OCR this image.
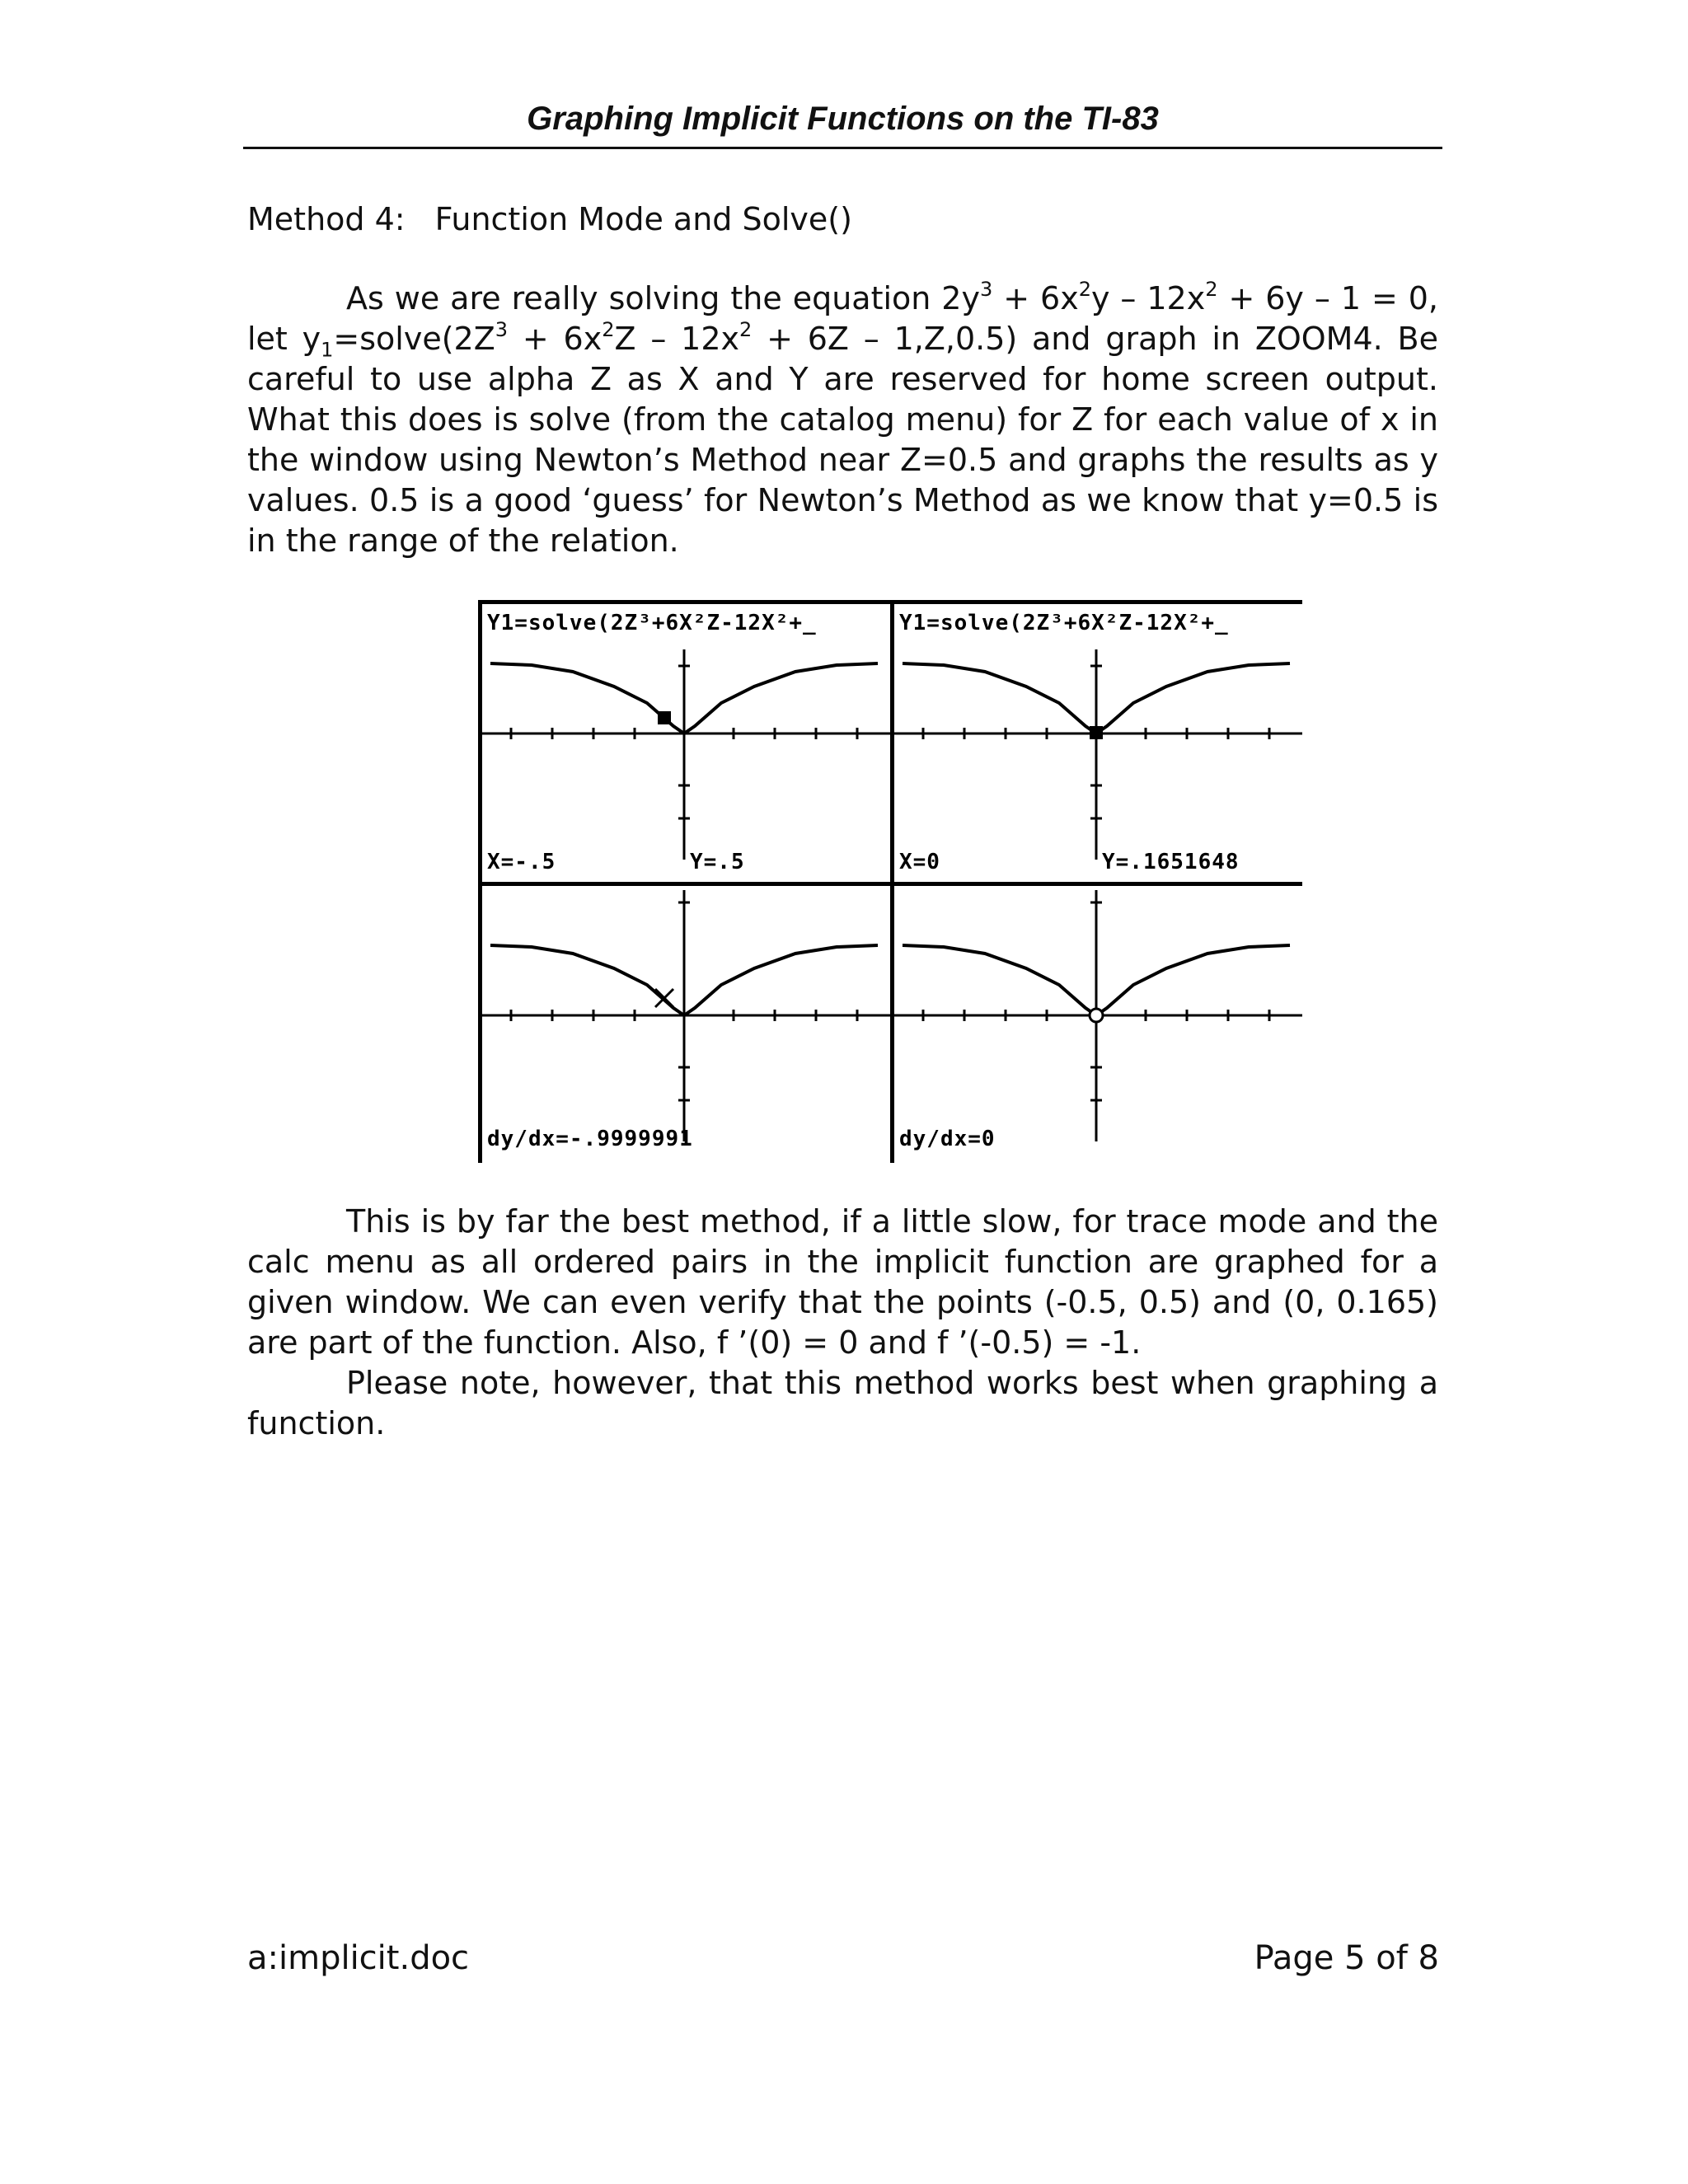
Graphing Implicit Functions on the TI-83
Method 4: Function Mode and Solve()
As we are really solving the equation $2y^3 + 6x^2y - 12x^2 + 6y - 1 = 0$, let $y_1=solve(2Z^3 + 6x^2Z - 12x^2 + 6Z - 1,Z,0.5)$ and graph in ZOOM4. Be careful to use alpha Z as X and Y are reserved for home screen output. What this does is solve (from the catalog menu) for Z for each value of x in the window using Newton’s Method near Z=0.5 and graphs the results as y values. 0.5 is a good ‘guess’ for Newton’s Method as we know that y=0.5 is in the range of the relation.
Y1=solve(2Z³+6X²Z-12X²+_
X=-.5	Y=.5
Y1=solve(2Z³+6X²Z-12X²+_
X=0	Y=.1651648
dy/dx=-.9999991	dy/dx=0
This is by far the best method, if a little slow, for trace mode and the calc menu as all ordered pairs in the implicit function are graphed for a given window. We can even verify that the points (-0.5, 0.5) and (0, 0.165) are part of the function. Also, f ’(0) = 0 and f ’(-0.5) = -1.
Please note, however, that this method works best when graphing a function.
a:implicit.doc	Page 5 of 8
